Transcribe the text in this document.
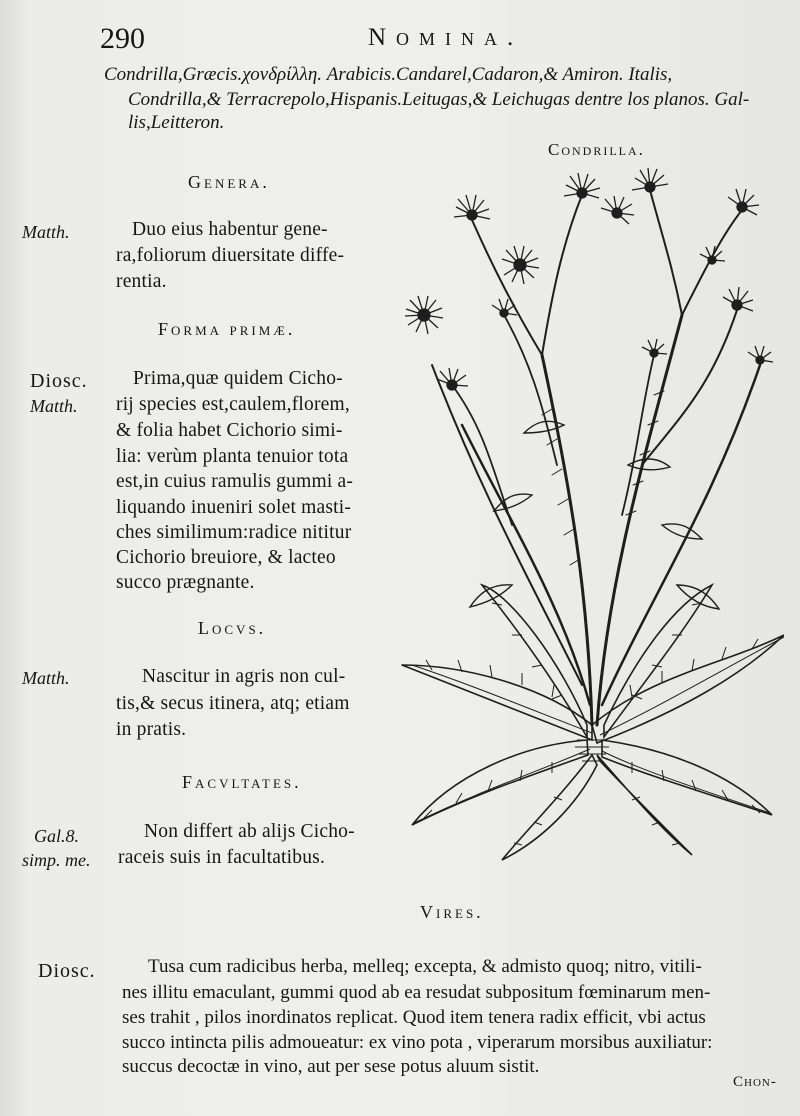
290	Nomina.
Condrilla,Græcis.χονδρίλλη. Arabicis.Candarel,Cadaron,& Amiron. Italis,
Condrilla,& Terracrepolo,Hispanis.Leitugas,& Leichugas dentre los planos. Gal-
lis,Leitteron.
Condrilla.
Genera.
Matth.	Duo eius habentur gene-
ra,foliorum diuersitate diffe-
rentia.
Forma primæ.
Diosc.
Matth.
Prima,quæ quidem Cicho-
rij species est,caulem,florem,
& folia habet Cichorio simi-
lia: verùm planta tenuior tota
est,in cuius ramulis gummi a-
liquando inueniri solet masti-
ches similimum:radice nititur
Cichorio breuiore, & lacteo
succo prægnante.
Locvs.
Matth.	Nascitur in agris non cul-
tis,& secus itinera, atq; etiam
in pratis.
Facvltates.
Gal.8.
simp. me.
Non differt ab alijs Cicho-
raceis suis in facultatibus.
Vires.
Diosc.	Tusa cum radicibus herba, melleq; excepta, & admisto quoq; nitro, vitili-
nes illitu emaculant, gummi quod ab ea resudat subpositum fœminarum men-
ses trahit , pilos inordinatos replicat. Quod item tenera radix efficit, vbi actus
succo intincta pilis admoueatur: ex vino pota , viperarum morsibus auxiliatur:
succus decoctæ in vino, aut per sese potus aluum sistit.
Chon-
